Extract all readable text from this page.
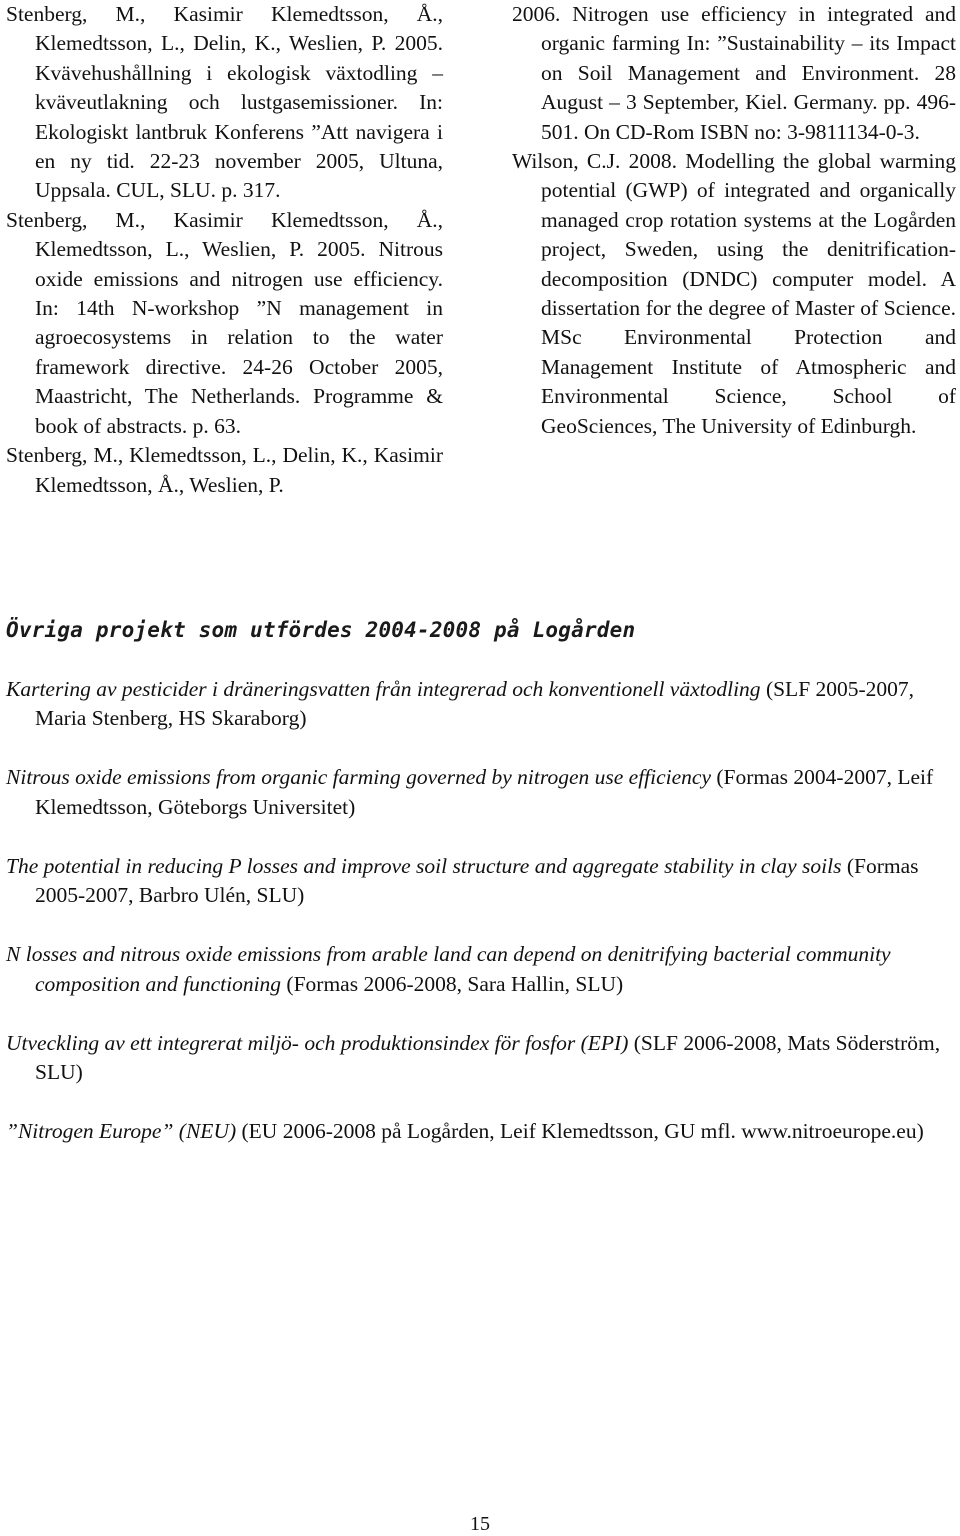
Stenberg, M., Kasimir Klemedtsson, Å., Klemedtsson, L., Delin, K., Weslien, P. 2005. Kvävehushållning i ekologisk växtodling – kväveutlakning och lustgasemissioner. In: Ekologiskt lantbruk Konferens ”Att navigera i en ny tid. 22-23 november 2005, Ultuna, Uppsala. CUL, SLU. p. 317.

Stenberg, M., Kasimir Klemedtsson, Å., Klemedtsson, L., Weslien, P. 2005. Nitrous oxide emissions and nitrogen use efficiency. In: 14th N-workshop ”N management in agroecosystems in relation to the water framework directive. 24-26 October 2005, Maastricht, The Netherlands. Programme & book of abstracts. p. 63.

Stenberg, M., Klemedtsson, L., Delin, K., Kasimir Klemedtsson, Å., Weslien, P.

2006. Nitrogen use efficiency in integrated and organic farming In: ”Sustainability – its Impact on Soil Management and Environment. 28 August – 3 September, Kiel. Germany. pp. 496-501. On CD-Rom ISBN no: 3-9811134-0-3.

Wilson, C.J. 2008. Modelling the global warming potential (GWP) of integrated and organically managed crop rotation systems at the Logården project, Sweden, using the denitrification-decomposition (DNDC) computer model. A dissertation for the degree of Master of Science. MSc Environmental Protection and Management Institute of Atmospheric and Environmental Science, School of GeoSciences, The University of Edinburgh.

Övriga projekt som utfördes 2004-2008 på Logården

Kartering av pesticider i dräneringsvatten från integrerad och konventionell växtodling (SLF 2005-2007, Maria Stenberg, HS Skaraborg)

Nitrous oxide emissions from organic farming governed by nitrogen use efficiency (Formas 2004-2007, Leif Klemedtsson, Göteborgs Universitet)

The potential in reducing P losses and improve soil structure and aggregate stability in clay soils (Formas 2005-2007, Barbro Ulén, SLU)

N losses and nitrous oxide emissions from arable land can depend on denitrifying bacterial community composition and functioning (Formas 2006-2008, Sara Hallin, SLU)

Utveckling av ett integrerat miljö- och produktionsindex för fosfor (EPI) (SLF 2006-2008, Mats Söderström, SLU)

”Nitrogen Europe” (NEU) (EU 2006-2008 på Logården, Leif Klemedtsson, GU mfl. www.nitroeurope.eu)

15
